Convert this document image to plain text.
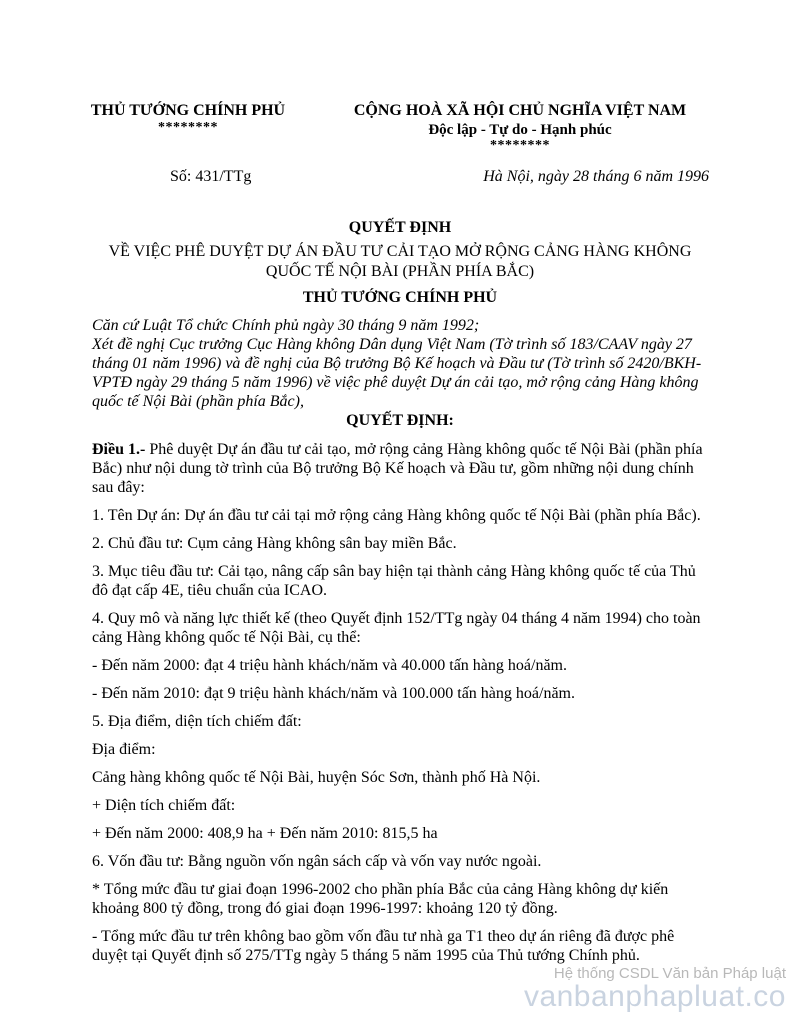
THỦ TƯỚNG CHÍNH PHỦ
********
CỘNG HOÀ XÃ HỘI CHỦ NGHĨA VIỆT NAM
Độc lập - Tự do - Hạnh phúc
********
Số: 431/TTg	Hà Nội, ngày 28 tháng 6 năm 1996
QUYẾT ĐỊNH
VỀ VIỆC PHÊ DUYỆT DỰ ÁN ĐẦU TƯ CẢI TẠO MỞ RỘNG CẢNG HÀNG KHÔNG QUỐC TẾ NỘI BÀI (PHẦN PHÍA BẮC)
THỦ TƯỚNG CHÍNH PHỦ
Căn cứ Luật Tổ chức Chính phủ ngày 30 tháng 9 năm 1992;
Xét đề nghị Cục trưởng Cục Hàng không Dân dụng Việt Nam (Tờ trình số 183/CAAV ngày 27 tháng 01 năm 1996) và đề nghị của Bộ trưởng Bộ Kế hoạch và Đầu tư (Tờ trình số 2420/BKH-VPTĐ ngày 29 tháng 5 năm 1996) về việc phê duyệt Dự án cải tạo, mở rộng cảng Hàng không quốc tế Nội Bài (phần phía Bắc),
QUYẾT ĐỊNH:

Điều 1.- Phê duyệt Dự án đầu tư cải tạo, mở rộng cảng Hàng không quốc tế Nội Bài (phần phía Bắc) như nội dung tờ trình của Bộ trưởng Bộ Kế hoạch và Đầu tư, gồm những nội dung chính sau đây:

1. Tên Dự án: Dự án đầu tư cải tại mở rộng cảng Hàng không quốc tế Nội Bài (phần phía Bắc).

2. Chủ đầu tư: Cụm cảng Hàng không sân bay miền Bắc.

3. Mục tiêu đầu tư: Cải tạo, nâng cấp sân bay hiện tại thành cảng Hàng không quốc tế của Thủ đô đạt cấp 4E, tiêu chuẩn của ICAO.

4. Quy mô và năng lực thiết kế (theo Quyết định 152/TTg ngày 04 tháng 4 năm 1994) cho toàn cảng Hàng không quốc tế Nội Bài, cụ thể:

- Đến năm 2000: đạt 4 triệu hành khách/năm và 40.000 tấn hàng hoá/năm.

- Đến năm 2010: đạt 9 triệu hành khách/năm và 100.000 tấn hàng hoá/năm.

5. Địa điểm, diện tích chiếm đất:

Địa điểm:

Cảng hàng không quốc tế Nội Bài, huyện Sóc Sơn, thành phố Hà Nội.

+ Diện tích chiếm đất:

+ Đến năm 2000: 408,9 ha + Đến năm 2010: 815,5 ha

6. Vốn đầu tư: Bằng nguồn vốn ngân sách cấp và vốn vay nước ngoài.

* Tổng mức đầu tư giai đoạn 1996-2002 cho phần phía Bắc của cảng Hàng không dự kiến khoảng 800 tỷ đồng, trong đó giai đoạn 1996-1997: khoảng 120 tỷ đồng.

- Tổng mức đầu tư trên không bao gồm vốn đầu tư nhà ga T1 theo dự án riêng đã được phê duyệt tại Quyết định số 275/TTg ngày 5 tháng 5 năm 1995 của Thủ tướng Chính phủ.

Hệ thống CSDL Văn bản Pháp luật
vanbanphapluat.co
